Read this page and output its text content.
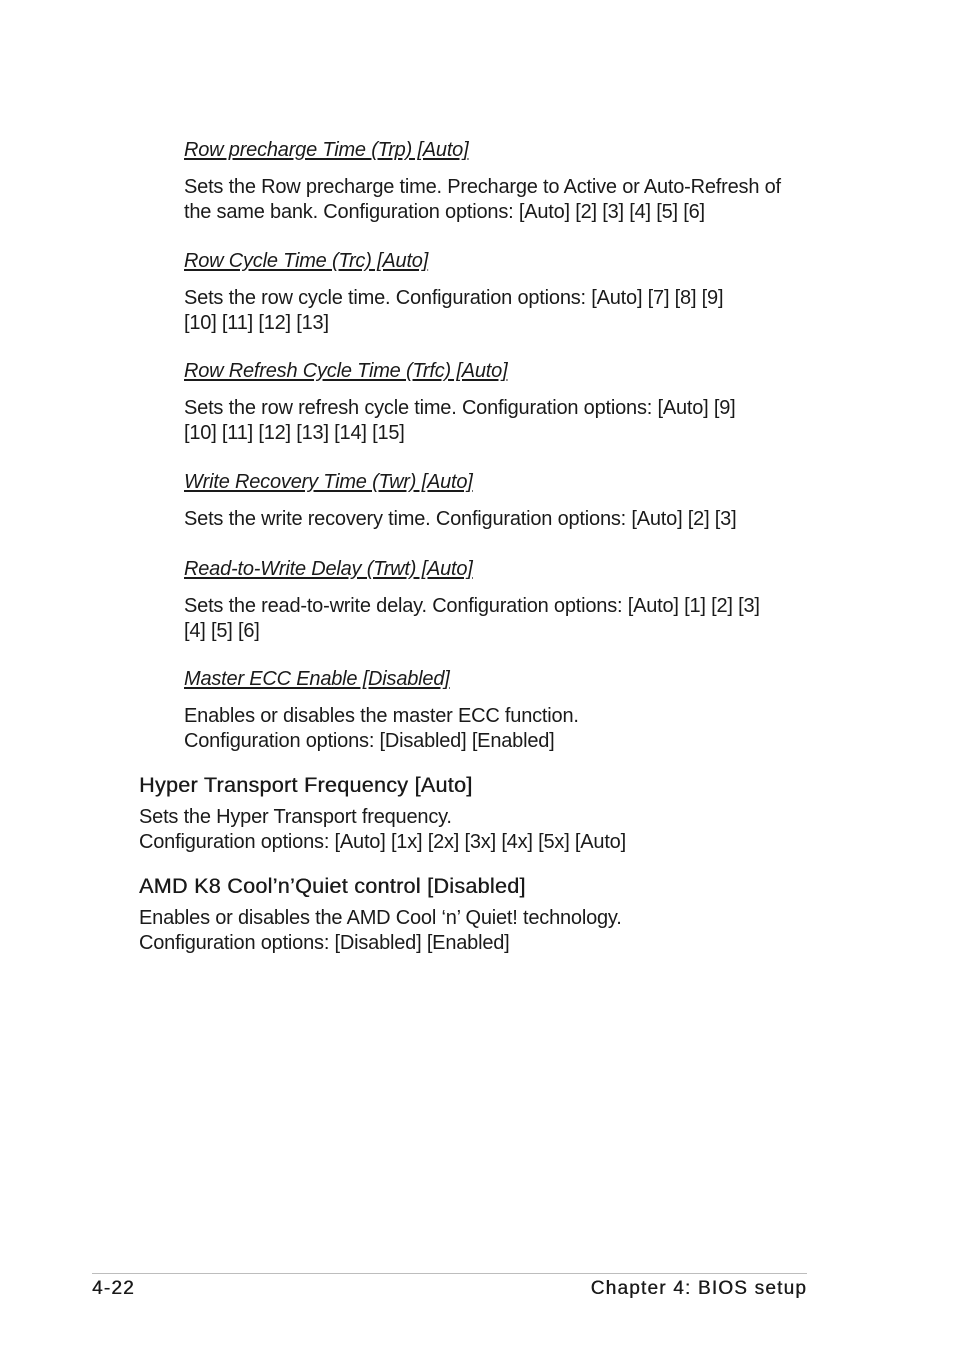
Row precharge Time (Trp) [Auto]

Sets the Row precharge time. Precharge to Active or Auto-Refresh of
the same bank. Configuration options: [Auto] [2] [3] [4] [5] [6]

Row Cycle Time (Trc) [Auto]

Sets the row cycle time. Configuration options: [Auto] [7] [8] [9]
[10] [11] [12] [13]

Row Refresh Cycle Time (Trfc) [Auto]

Sets the row refresh cycle time. Configuration options: [Auto] [9]
[10] [11] [12] [13] [14] [15]

Write Recovery Time (Twr) [Auto]

Sets the write recovery time. Configuration options: [Auto] [2] [3]

Read-to-Write Delay (Trwt) [Auto]

Sets the read-to-write delay. Configuration options: [Auto] [1] [2] [3]
[4] [5] [6]

Master ECC Enable [Disabled]

Enables or disables the master ECC function.
Configuration options: [Disabled] [Enabled]

Hyper Transport Frequency [Auto]

Sets the Hyper Transport frequency.
Configuration options: [Auto] [1x] [2x] [3x] [4x] [5x] [Auto]

AMD K8 Cool’n’Quiet control [Disabled]

Enables or disables the AMD Cool ‘n’ Quiet! technology.
Configuration options: [Disabled] [Enabled]

4-22	Chapter 4: BIOS setup
